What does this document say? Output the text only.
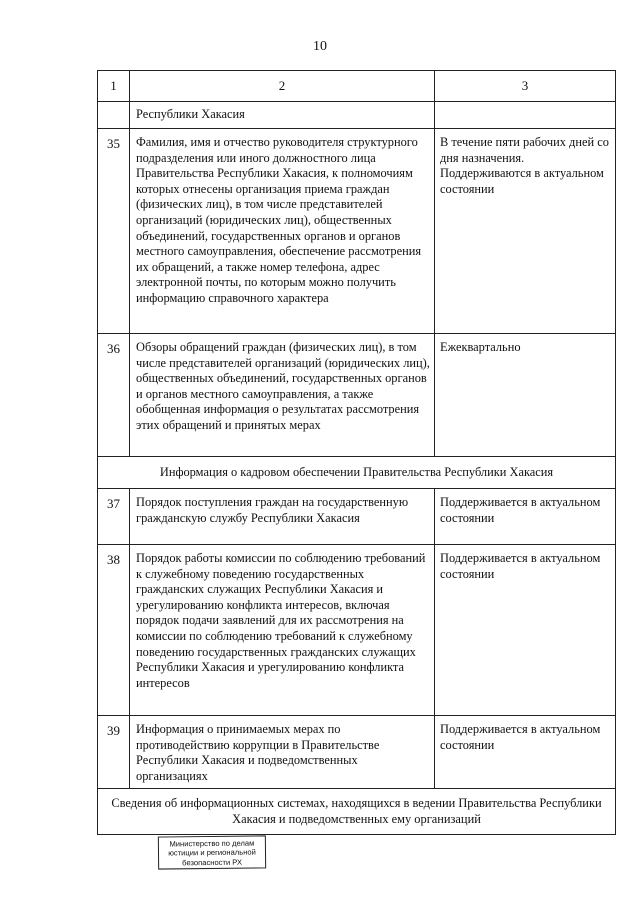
10
1	2	3
	Республики Хакасия	
35	Фамилия, имя и отчество руководителя структурного подразделения или иного должностного лица Правительства Республики Хакасия, к полномочиям которых отнесены организация приема граждан (физических лиц), в том числе представителей организаций (юридических лиц), общественных объединений, государственных органов и органов местного самоуправления, обеспечение рассмотрения их обращений, а также номер телефона, адрес электронной почты, по которым можно получить информацию справочного характера	В течение пяти рабочих дней со дня назначения. Поддерживаются в актуальном состоянии
36	Обзоры обращений граждан (физических лиц), в том числе представителей организаций (юридических лиц), общественных объединений, государственных органов и органов местного самоуправления, а также обобщенная информация о результатах рассмотрения этих обращений и принятых мерах	Ежеквартально
Информация о кадровом обеспечении Правительства Республики Хакасия		
37	Порядок поступления граждан на государственную гражданскую службу Республики Хакасия	Поддерживается в актуальном состоянии
38	Порядок работы комиссии по соблюдению требований к служебному поведению государственных гражданских служащих Республики Хакасия и урегулированию конфликта интересов, включая порядок подачи заявлений для их рассмотрения на комиссии по соблюдению требований к служебному поведению государственных гражданских служащих Республики Хакасия и урегулированию конфликта интересов	Поддерживается в актуальном состоянии
39	Информация о принимаемых мерах по противодействию коррупции в Правительстве Республики Хакасия и подведомственных организациях	Поддерживается в актуальном состоянии
Сведения об информационных системах, находящихся в ведении Правительства Республики Хакасия и подведомственных ему организаций		
Министерство по делам
юстиции и региональной
безопасности РХ
